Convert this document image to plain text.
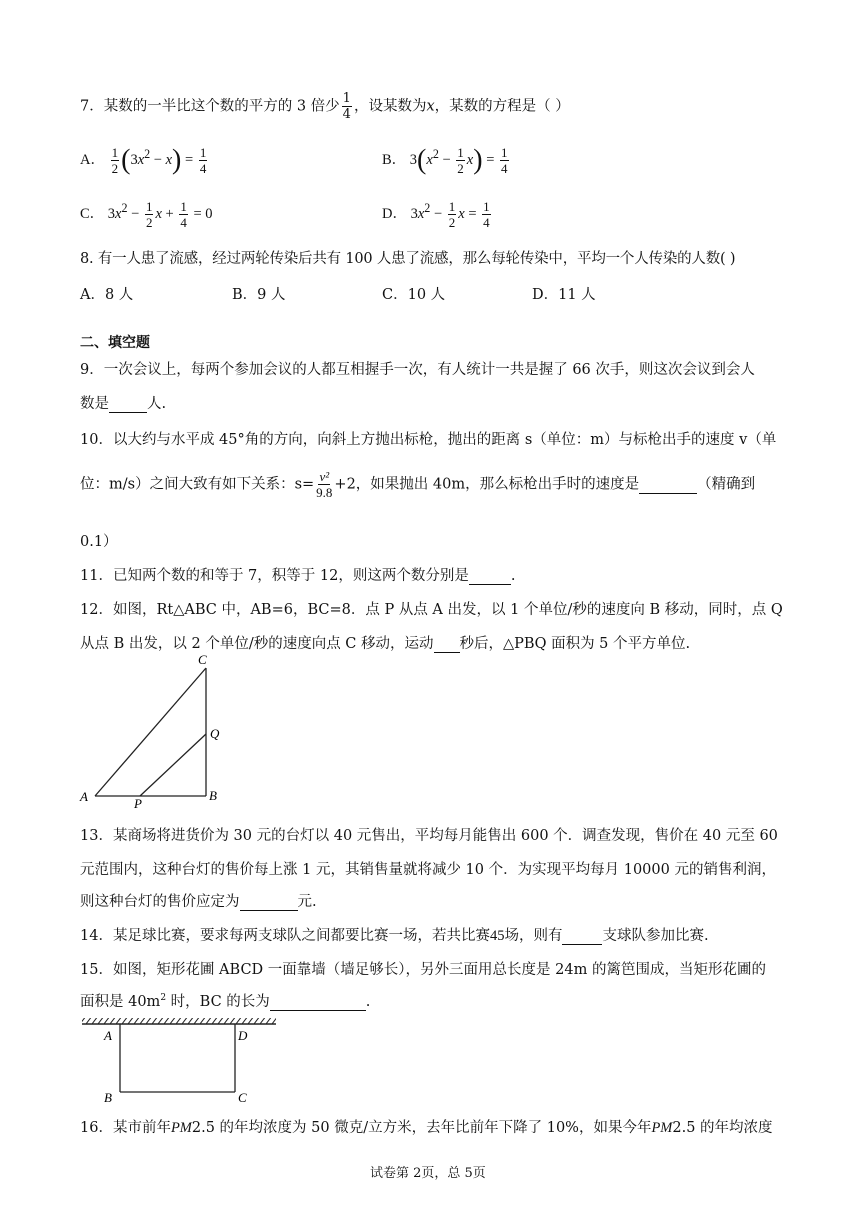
7．某数的一半比这个数的平方的 3 倍少 $\frac{1}{4}$ ，设某数为x，某数的方程是（ ）
A． $\frac{1}{2} (3x^2 - x) = \frac{1}{4}$	B． $3(x^2 - \frac{1}{2} x) = \frac{1}{4}$
C． $3x^2 - \frac{1}{2}$ $x + \frac{1}{4} = 0$	D． $3x^2 - \frac{1}{2}$ $x = \frac{1}{4}$
8. 有一人患了流感，经过两轮传染后共有 100 人患了流感，那么每轮传染中，平均一个人传染的人数( )
A．8 人	B．9 人	C．10 人	D．11 人
二、填空题
9．一次会议上，每两个参加会议的人都互相握手一次，有人统计一共是握了 66 次手，则这次会议到会人
数是	人.
10．以大约与水平成 45°角的方向，向斜上方抛出标枪，抛出的距离 s（单位：m）与标枪出手的速度 v（单
位：m/s）之间大致有如下关系：$s= \frac{\text{v²}}{9.8} +2$，如果抛出 40m，那么标枪出手时的速度是	（精确到
0.1）
11．已知两个数的和等于 7，积等于 12，则这两个数分别是	.
12．如图，Rt△ABC 中，AB=6，BC=8．点 P 从点 A 出发，以 1 个单位/秒的速度向 B 移动，同时，点 Q
从点 B 出发，以 2 个单位/秒的速度向点 C 移动，运动 秒后，△PBQ 面积为 5 个平方单位.
C
Q
A	P
B
13．某商场将进货价为 30 元的台灯以 40 元售出，平均每月能售出 600 个．调查发现，售价在 40 元至 60
元范围内，这种台灯的售价每上涨 1 元，其销售量就将减少 10 个．为实现平均每月 10000 元的销售利润，
则这种台灯的售价应定为	元.
14．某足球比赛，要求每两支球队之间都要比赛一场，若共比赛45场，则有	支球队参加比赛.
15．如图，矩形花圃 ABCD 一面靠墙（墙足够长），另外三面用总长度是 24m 的篱笆围成，当矩形花圃的
面积是 $40m^2$ 时，BC 的长为	.
A	D
B	C
16．某市前年PM2.5 的年均浓度为 50 微克/立方米，去年比前年下降了 10%，如果今年PM2.5 的年均浓度
试卷第 2页，总 5页
